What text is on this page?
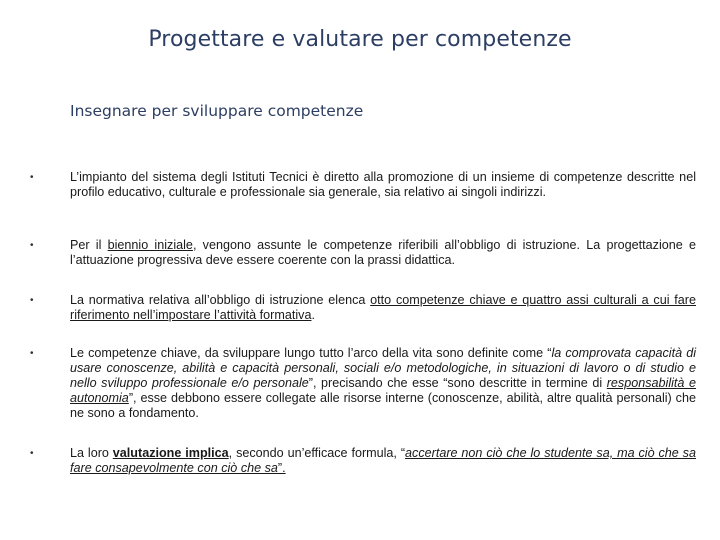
Progettare e valutare per competenze
Insegnare per sviluppare competenze
•	L’impianto del sistema degli Istituti Tecnici è diretto alla promozione di un insieme di competenze descritte nel profilo educativo, culturale e professionale sia generale, sia relativo ai singoli indirizzi.
•	Per il biennio iniziale, vengono assunte le competenze riferibili all’obbligo di istruzione. La progettazione e l’attuazione progressiva deve essere coerente con la prassi didattica.
•	La normativa relativa all’obbligo di istruzione elenca otto competenze chiave e quattro assi culturali a cui fare riferimento nell’impostare l’attività formativa.
•	Le competenze chiave, da sviluppare lungo tutto l’arco della vita sono definite come “la comprovata capacità di usare conoscenze, abilità e capacità personali, sociali e/o metodologiche, in situazioni di lavoro o di studio e nello sviluppo professionale e/o personale”, precisando che esse “sono descritte in termine di responsabilità e autonomia”, esse debbono essere collegate alle risorse interne (conoscenze, abilità, altre qualità personali) che ne sono a fondamento.
•	La loro valutazione implica, secondo un’efficace formula, “accertare non ciò che lo studente sa, ma ciò che sa fare consapevolmente con ciò che sa”.
